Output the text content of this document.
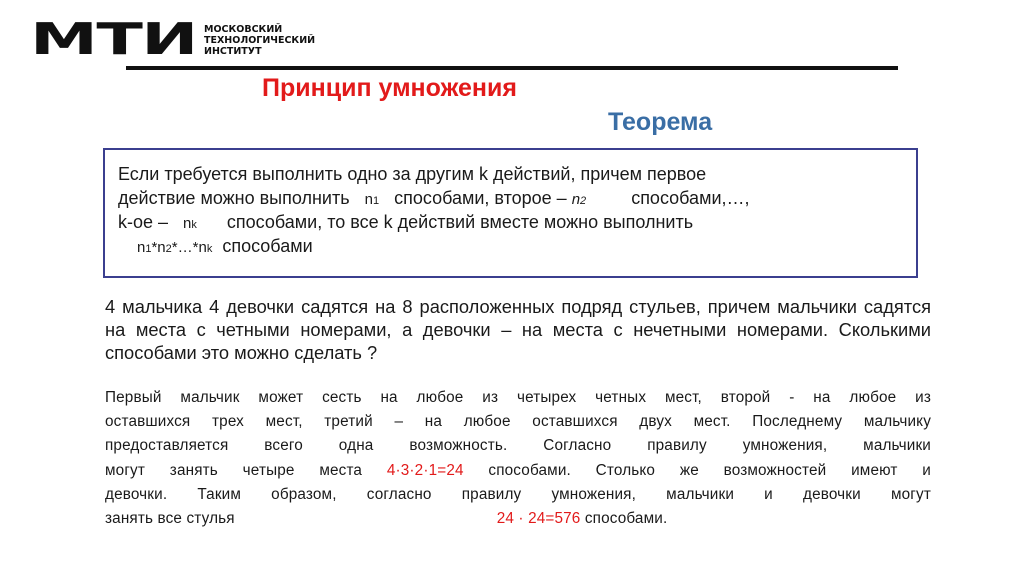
МТИ МОСКОВСКИЙ
ТЕХНОЛОГИЧЕСКИЙ
ИНСТИТУТ
Принцип умножения
Теорема

Если требуется выполнить одно за другим k действий, причем первое

действие можно выполнить n1 способами, второе – n2	способами,…,

k-ое – nk способами, то все k действий вместе можно выполнить

n1*n2*…*nk способами

4 мальчика 4 девочки садятся на 8 расположенных подряд стульев, причем мальчики садятся на места с четными номерами, а девочки – на места с нечетными номерами. Сколькими способами это можно сделать ?

Первый мальчик может сесть на любое из четырех четных мест, второй - на любое из
оставшихся трех мест, третий – на любое оставшихся двух мест. Последнему мальчику
предоставляется всего одна возможность. Согласно правилу умножения, мальчики
могут занять четыре места 4·3·2·1=24 способами. Столько же возможностей имеют и
девочки. Таким образом, согласно правилу умножения, мальчики и девочки могут
занять все стулья	24 · 24=576 способами.
